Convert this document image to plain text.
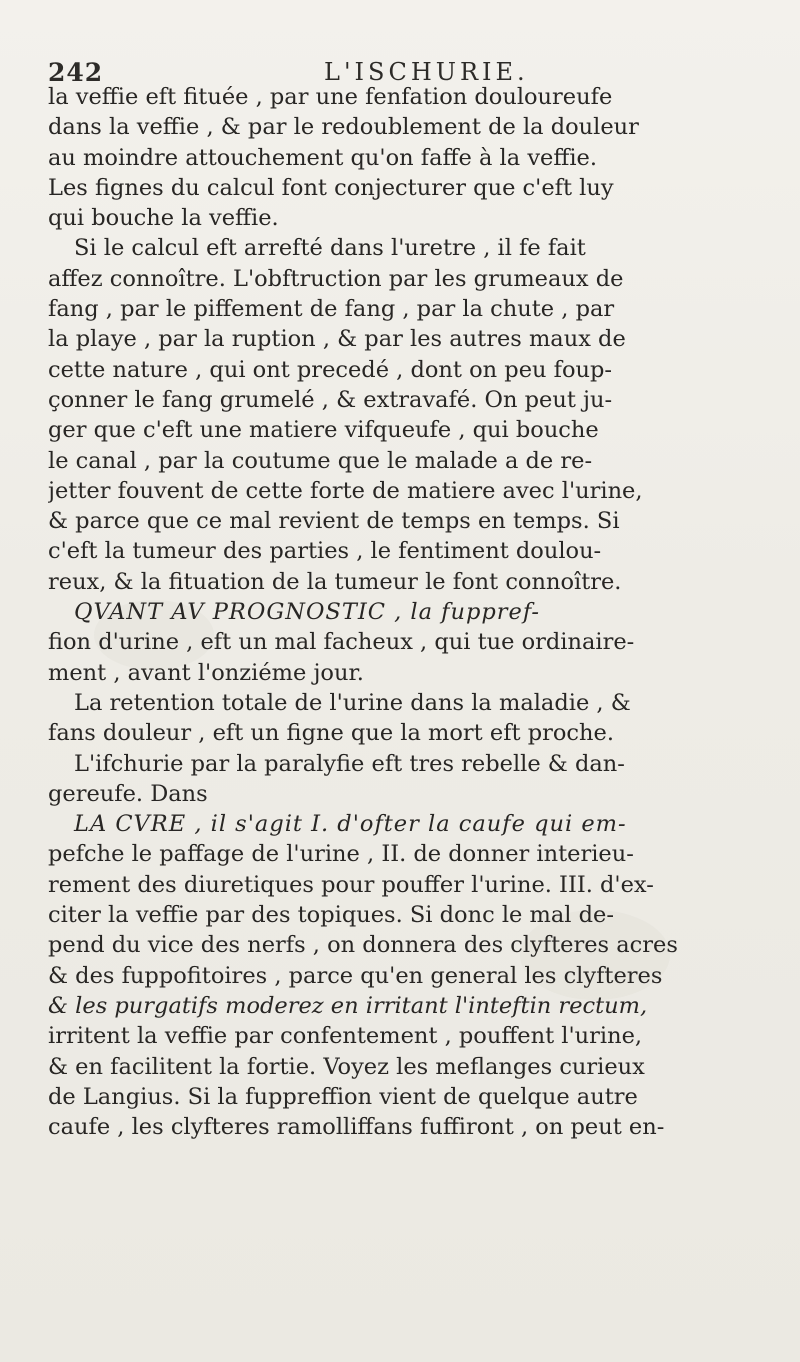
242	L'ISCHURIE.
la veffie eft fituée , par une fenfation douloureufe
dans la veffie , & par le redoublement de la douleur
au moindre attouchement qu'on faffe à la veffie.
Les fignes du calcul font conjecturer que c'eft luy
qui bouche la veffie.
Si le calcul eft arrefté dans l'uretre , il fe fait
affez connoître. L'obftruction par les grumeaux de
fang , par le piffement de fang , par la chute , par
la playe , par la ruption , & par les autres maux de
cette nature , qui ont precedé , dont on peu foup-
çonner le fang grumelé , & extravafé. On peut ju-
ger que c'eft une matiere vifqueufe , qui bouche
le canal , par la coutume que le malade a de re-
jetter fouvent de cette forte de matiere avec l'urine,
& parce que ce mal revient de temps en temps. Si
c'eft la tumeur des parties , le fentiment doulou-
reux, & la fituation de la tumeur le font connoître.
QVANT AV PROGNOSTIC , la fuppref-
fion d'urine , eft un mal facheux , qui tue ordinaire-
ment , avant l'onziéme jour.
La retention totale de l'urine dans la maladie , &
fans douleur , eft un figne que la mort eft proche.
L'ifchurie par la paralyfie eft tres rebelle & dan-
gereufe. Dans
LA CVRE , il s'agit I. d'ofter la caufe qui em-
pefche le paffage de l'urine , II. de donner interieu-
rement des diuretiques pour pouffer l'urine. III. d'ex-
citer la veffie par des topiques. Si donc le mal de-
pend du vice des nerfs , on donnera des clyfteres acres
& des fuppofitoires , parce qu'en general les clyfteres
& les purgatifs moderez en irritant l'inteftin rectum,
irritent la veffie par confentement , pouffent l'urine,
& en facilitent la fortie. Voyez les meflanges curieux
de Langius. Si la fuppreffion vient de quelque autre
caufe , les clyfteres ramolliffans fuffiront , on peut en-
